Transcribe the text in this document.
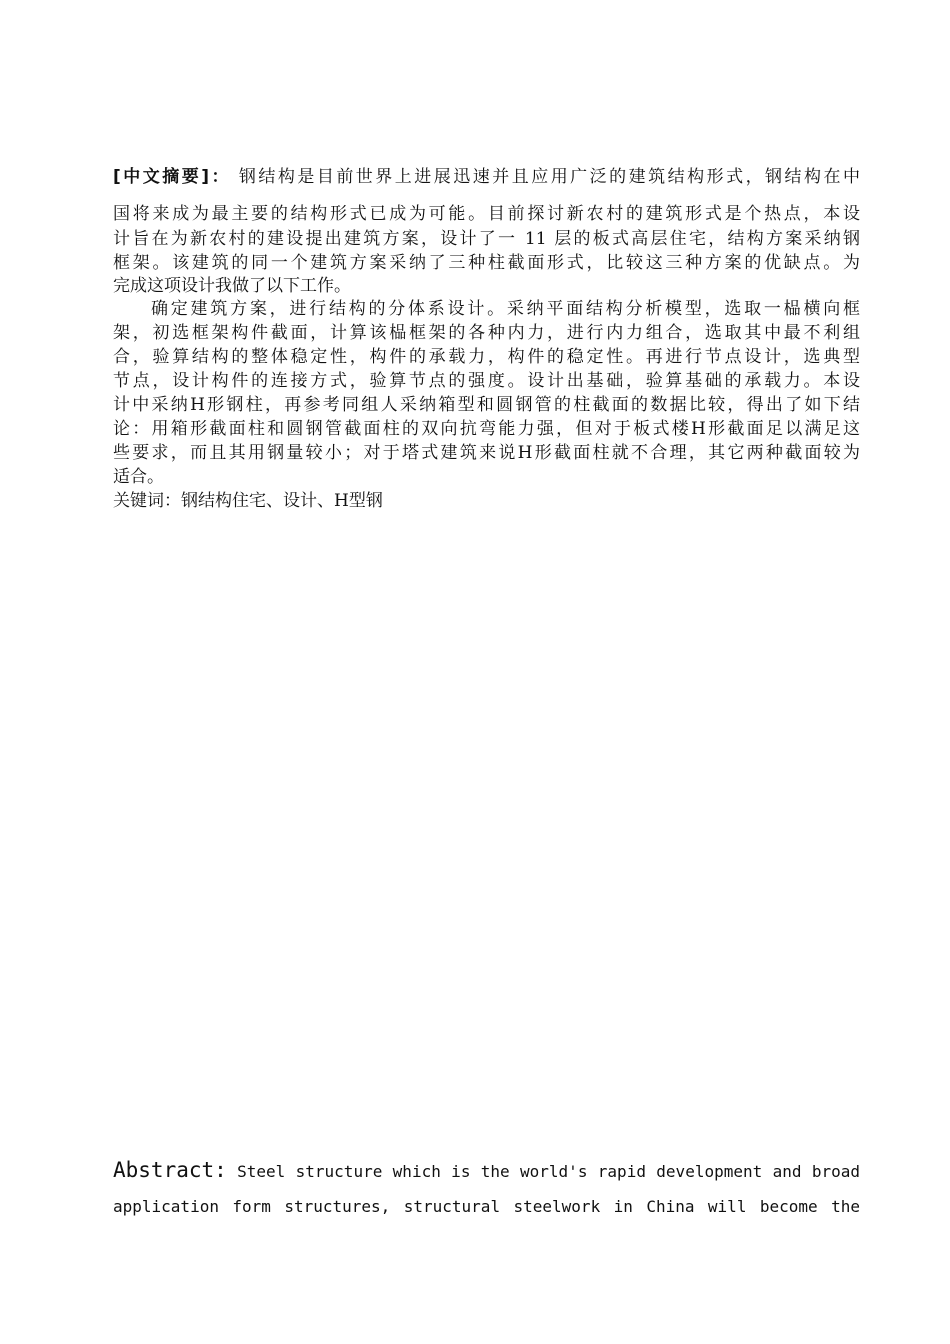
[中文摘要]： 钢结构是目前世界上进展迅速并且应用广泛的建筑结构形式，钢结构在中
国将来成为最主要的结构形式已成为可能。目前探讨新农村的建筑形式是个热点，本设
计旨在为新农村的建设提出建筑方案，设计了一 11 层的板式高层住宅，结构方案采纳钢
框架。该建筑的同一个建筑方案采纳了三种柱截面形式，比较这三种方案的优缺点。为
完成这项设计我做了以下工作。
确定建筑方案，进行结构的分体系设计。采纳平面结构分析模型，选取一榀横向框
架，初选框架构件截面，计算该榀框架的各种内力，进行内力组合，选取其中最不利组
合，验算结构的整体稳定性，构件的承载力，构件的稳定性。再进行节点设计，选典型
节点，设计构件的连接方式，验算节点的强度。设计出基础，验算基础的承载力。本设
计中采纳H形钢柱，再参考同组人采纳箱型和圆钢管的柱截面的数据比较，得出了如下结
论：用箱形截面柱和圆钢管截面柱的双向抗弯能力强，但对于板式楼H形截面足以满足这
些要求，而且其用钢量较小；对于塔式建筑来说H形截面柱就不合理，其它两种截面较为
适合。
关键词：钢结构住宅、设计、H型钢
Abstract: Steel structure which is the world's rapid development and broad
application form structures, structural steelwork in China will become the
